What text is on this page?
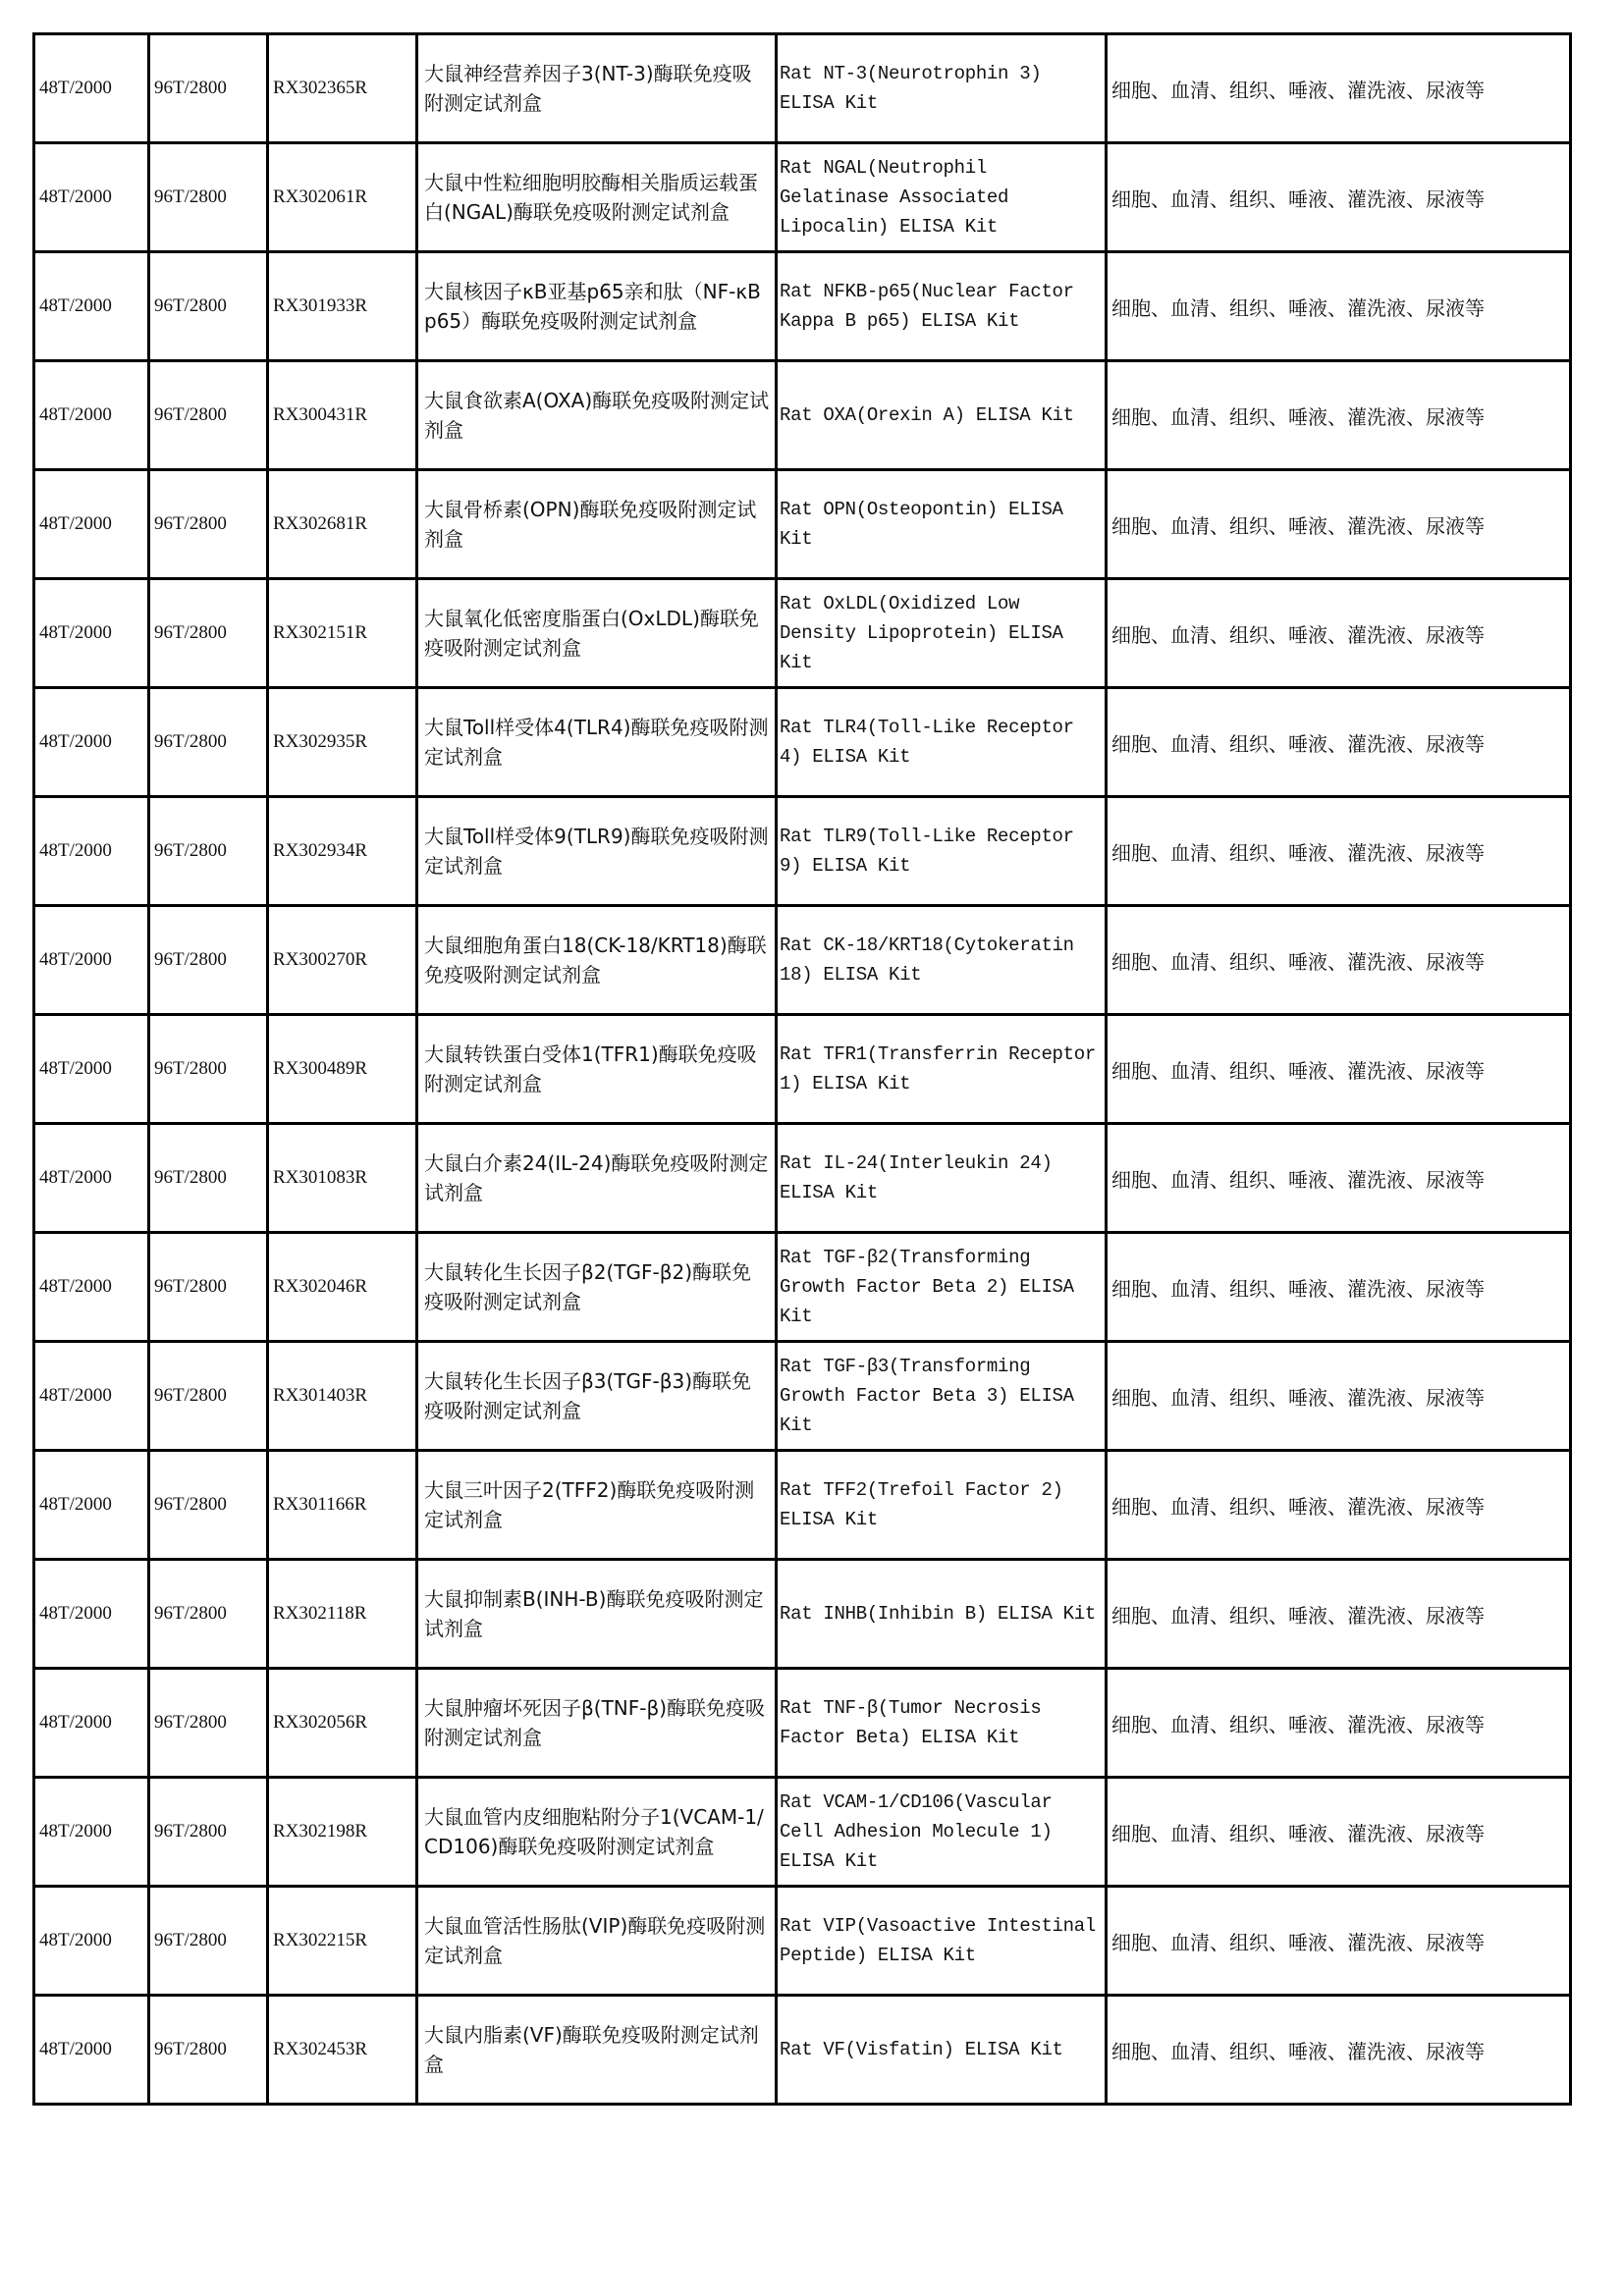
48T/2000	96T/2800	RX302365R	大鼠神经营养因子3(NT-3)酶联免疫吸附测定试剂盒	Rat NT-3(Neurotrophin 3) ELISA Kit	细胞、血清、组织、唾液、灌洗液、尿液等
48T/2000	96T/2800	RX302061R	大鼠中性粒细胞明胶酶相关脂质运载蛋白(NGAL)酶联免疫吸附测定试剂盒	Rat NGAL(Neutrophil Gelatinase Associated Lipocalin) ELISA Kit	细胞、血清、组织、唾液、灌洗液、尿液等
48T/2000	96T/2800	RX301933R	大鼠核因子κB亚基p65亲和肽（NF-κB p65）酶联免疫吸附测定试剂盒	Rat NFKB-p65(Nuclear Factor Kappa B p65) ELISA Kit	细胞、血清、组织、唾液、灌洗液、尿液等
48T/2000	96T/2800	RX300431R	大鼠食欲素A(OXA)酶联免疫吸附测定试剂盒	Rat OXA(Orexin A) ELISA Kit	细胞、血清、组织、唾液、灌洗液、尿液等
48T/2000	96T/2800	RX302681R	大鼠骨桥素(OPN)酶联免疫吸附测定试剂盒	Rat OPN(Osteopontin) ELISA Kit	细胞、血清、组织、唾液、灌洗液、尿液等
48T/2000	96T/2800	RX302151R	大鼠氧化低密度脂蛋白(OxLDL)酶联免疫吸附测定试剂盒	Rat OxLDL(Oxidized Low Density Lipoprotein) ELISA Kit	细胞、血清、组织、唾液、灌洗液、尿液等
48T/2000	96T/2800	RX302935R	大鼠Toll样受体4(TLR4)酶联免疫吸附测定试剂盒	Rat TLR4(Toll-Like Receptor 4) ELISA Kit	细胞、血清、组织、唾液、灌洗液、尿液等
48T/2000	96T/2800	RX302934R	大鼠Toll样受体9(TLR9)酶联免疫吸附测定试剂盒	Rat TLR9(Toll-Like Receptor 9) ELISA Kit	细胞、血清、组织、唾液、灌洗液、尿液等
48T/2000	96T/2800	RX300270R	大鼠细胞角蛋白18(CK-18/KRT18)酶联免疫吸附测定试剂盒	Rat CK-18/KRT18(Cytokeratin 18) ELISA Kit	细胞、血清、组织、唾液、灌洗液、尿液等
48T/2000	96T/2800	RX300489R	大鼠转铁蛋白受体1(TFR1)酶联免疫吸附测定试剂盒	Rat TFR1(Transferrin Receptor 1) ELISA Kit	细胞、血清、组织、唾液、灌洗液、尿液等
48T/2000	96T/2800	RX301083R	大鼠白介素24(IL-24)酶联免疫吸附测定试剂盒	Rat IL-24(Interleukin 24) ELISA Kit	细胞、血清、组织、唾液、灌洗液、尿液等
48T/2000	96T/2800	RX302046R	大鼠转化生长因子β2(TGF-β2)酶联免疫吸附测定试剂盒	Rat TGF-β2(Transforming Growth Factor Beta 2) ELISA Kit	细胞、血清、组织、唾液、灌洗液、尿液等
48T/2000	96T/2800	RX301403R	大鼠转化生长因子β3(TGF-β3)酶联免疫吸附测定试剂盒	Rat TGF-β3(Transforming Growth Factor Beta 3) ELISA Kit	细胞、血清、组织、唾液、灌洗液、尿液等
48T/2000	96T/2800	RX301166R	大鼠三叶因子2(TFF2)酶联免疫吸附测定试剂盒	Rat TFF2(Trefoil Factor 2) ELISA Kit	细胞、血清、组织、唾液、灌洗液、尿液等
48T/2000	96T/2800	RX302118R	大鼠抑制素B(INH-B)酶联免疫吸附测定试剂盒	Rat INHB(Inhibin B) ELISA Kit	细胞、血清、组织、唾液、灌洗液、尿液等
48T/2000	96T/2800	RX302056R	大鼠肿瘤坏死因子β(TNF-β)酶联免疫吸附测定试剂盒	Rat TNF-β(Tumor Necrosis Factor Beta) ELISA Kit	细胞、血清、组织、唾液、灌洗液、尿液等
48T/2000	96T/2800	RX302198R	大鼠血管内皮细胞粘附分子1(VCAM-1/CD106)酶联免疫吸附测定试剂盒	Rat VCAM-1/CD106(Vascular Cell Adhesion Molecule 1) ELISA Kit	细胞、血清、组织、唾液、灌洗液、尿液等
48T/2000	96T/2800	RX302215R	大鼠血管活性肠肽(VIP)酶联免疫吸附测定试剂盒	Rat VIP(Vasoactive Intestinal Peptide) ELISA Kit	细胞、血清、组织、唾液、灌洗液、尿液等
48T/2000	96T/2800	RX302453R	大鼠内脂素(VF)酶联免疫吸附测定试剂盒	Rat VF(Visfatin) ELISA Kit	细胞、血清、组织、唾液、灌洗液、尿液等
